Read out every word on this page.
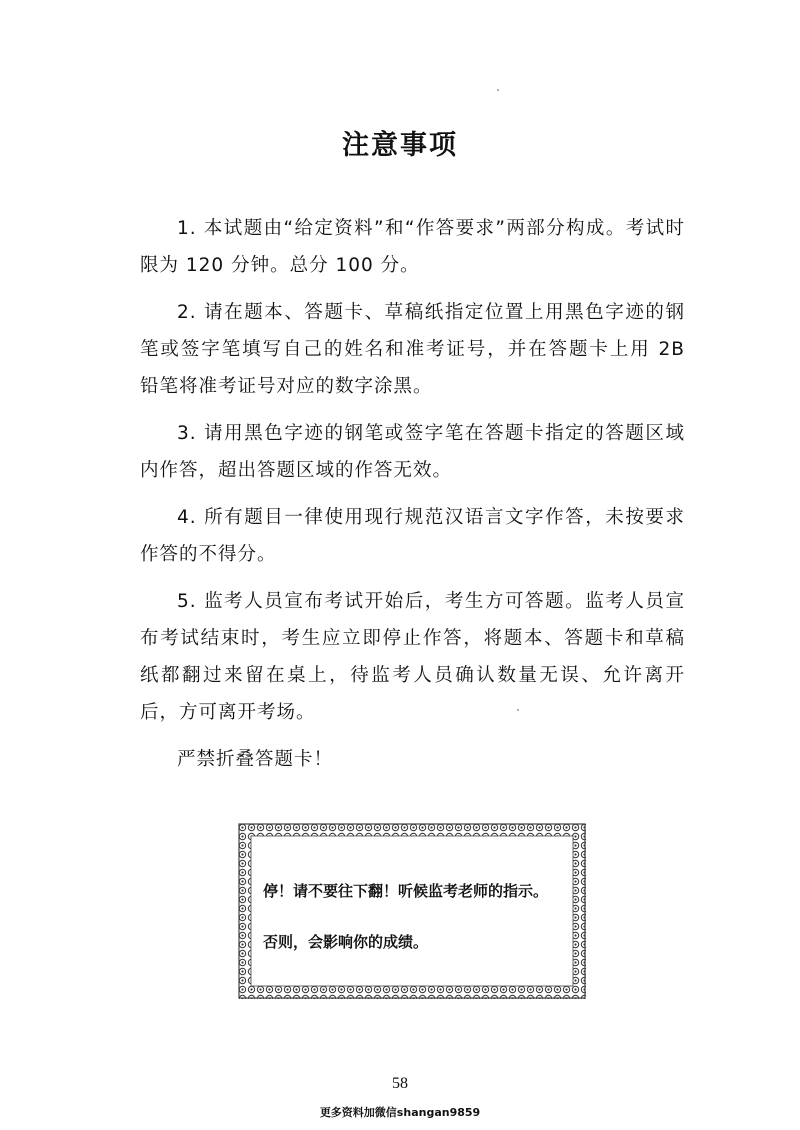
注意事项

1. 本试题由“给定资料”和“作答要求”两部分构成。考试时限为 120 分钟。总分 100 分。

2. 请在题本、答题卡、草稿纸指定位置上用黑色字迹的钢笔或签字笔填写自己的姓名和准考证号，并在答题卡上用 2B 铅笔将准考证号对应的数字涂黑。

3. 请用黑色字迹的钢笔或签字笔在答题卡指定的答题区域内作答，超出答题区域的作答无效。

4. 所有题目一律使用现行规范汉语言文字作答，未按要求作答的不得分。

5. 监考人员宣布考试开始后，考生方可答题。监考人员宣布考试结束时，考生应立即停止作答，将题本、答题卡和草稿纸都翻过来留在桌上，待监考人员确认数量无误、允许离开后，方可离开考场。

严禁折叠答题卡！
停！请不要往下翻！听候监考老师的指示。
否则，会影响你的成绩。
58
更多资料加微信shangan9859
